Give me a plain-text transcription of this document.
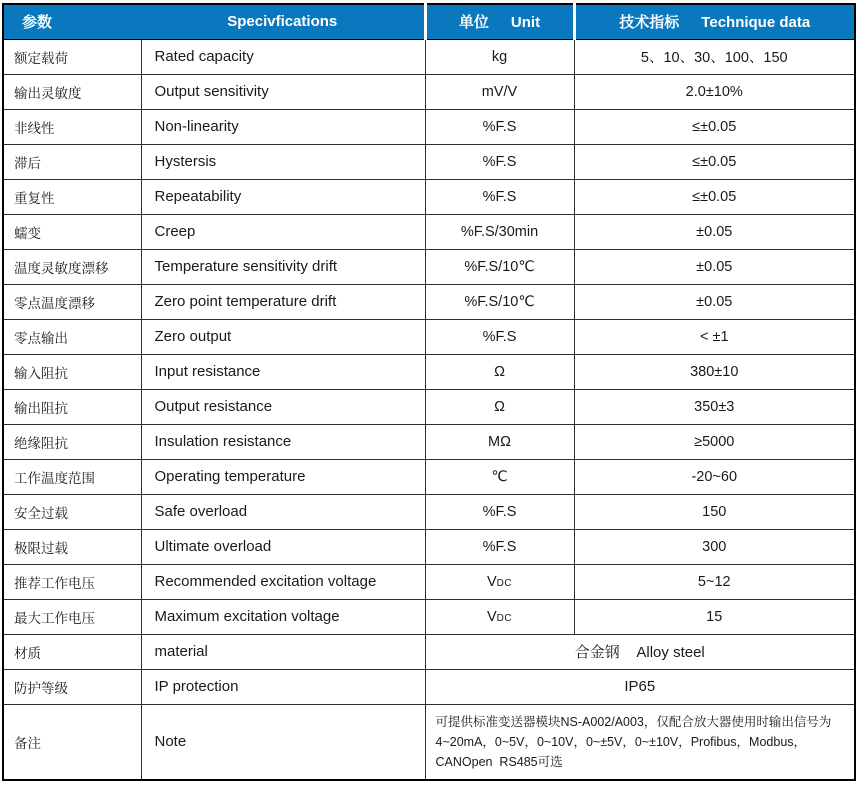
参数	Specivfications	单位 Unit	技术指标 Technique data
额定载荷	Rated capacity	kg	5、10、30、100、150
输出灵敏度	Output sensitivity	mV/V	2.0±10%
非线性	Non-linearity	%F.S	≤±0.05
滞后	Hystersis	%F.S	≤±0.05
重复性	Repeatability	%F.S	≤±0.05
蠕变	Creep	%F.S/30min	±0.05
温度灵敏度漂移	Temperature sensitivity drift	%F.S/10℃	±0.05
零点温度漂移	Zero point temperature drift	%F.S/10℃	±0.05
零点输出	Zero output	%F.S	< ±1
输入阻抗	Input resistance	Ω	380±10
输出阻抗	Output resistance	Ω	350±3
绝缘阻抗	Insulation resistance	MΩ	≥5000
工作温度范围	Operating temperature	℃	-20~60
安全过载	Safe overload	%F.S	150
极限过载	Ultimate overload	%F.S	300
推荐工作电压	Recommended excitation voltage	VDC	5~12
最大工作电压	Maximum excitation voltage	VDC	15
材质	material	合金钢    Alloy steel	
防护等级	IP protection	IP65	
备注	Note	可提供标准变送器模块NS-A002/A003，仅配合放大器使用时输出信号为
4~20mA，0~5V，0~10V，0~±5V，0~±10V，Profibus，Modbus，
CANOpen  RS485可选	
